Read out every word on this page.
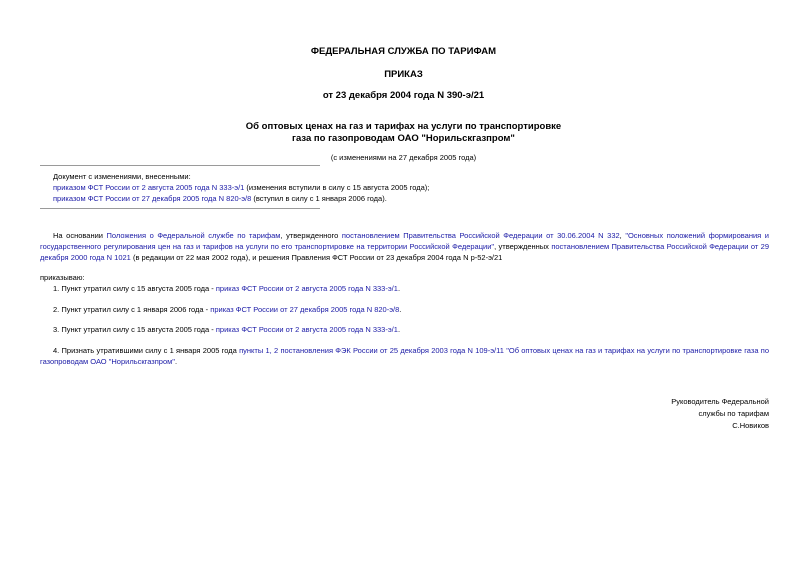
ФЕДЕРАЛЬНАЯ СЛУЖБА ПО ТАРИФАМ
ПРИКАЗ
от 23 декабря 2004 года N 390-э/21
Об оптовых ценах на газ и тарифах на услуги по транспортировке
газа по газопроводам ОАО "Норильскгазпром"
(с изменениями на 27 декабря 2005 года)
Документ с изменениями, внесенными:
приказом ФСТ России от 2 августа 2005 года N 333-э/1 (изменения вступили в силу с 15 августа 2005 года);
приказом ФСТ России от 27 декабря 2005 года N 820-э/8 (вступил в силу с 1 января 2006 года).
На основании Положения о Федеральной службе по тарифам, утвержденного постановлением Правительства Российской Федерации от 30.06.2004 N 332, "Основных положений формирования и государственного регулирования цен на газ и тарифов на услуги по его транспортировке на территории Российской Федерации", утвержденных постановлением Правительства Российской Федерации от 29 декабря 2000 года N 1021 (в редакции от 22 мая 2002 года), и решения Правления ФСТ России от 23 декабря 2004 года N р-52-э/21
приказываю:
1. Пункт утратил силу с 15 августа 2005 года - приказ ФСТ России от 2 августа 2005 года N 333-э/1.
2. Пункт утратил силу с 1 января 2006 года - приказ ФСТ России от 27 декабря 2005 года N 820-э/8.
3. Пункт утратил силу с 15 августа 2005 года - приказ ФСТ России от 2 августа 2005 года N 333-э/1.
4. Признать утратившими силу с 1 января 2005 года пункты 1, 2 постановления ФЭК России от 25 декабря 2003 года N 109-э/11 "Об оптовых ценах на газ и тарифах на услуги по транспортировке газа по газопроводам ОАО "Норильскгазпром".
Руководитель Федеральной
службы по тарифам
С.Новиков
